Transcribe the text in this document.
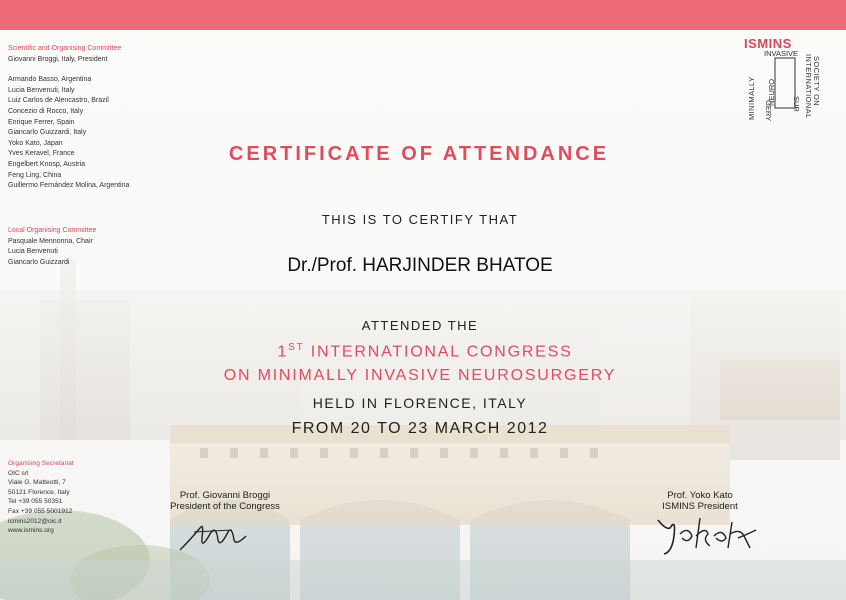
Scientific and Organising Committee
Giovanni Broggi, Italy, President
Armando Basso, Argentina
Lucia Benvenuti, Italy
Luiz Carlos de Alencastro, Brazil
Concezio di Rocco, Italy
Enrique Ferrer, Spain
Giancarlo Guizzardi, Italy
Yoko Kato, Japan
Yves Keravel, France
Engelbert Knosp, Austria
Feng Ling, China
Guillermo Fernández Molina, Argentina
Local Organising Committee
Pasquale Mennonna, Chair
Lucia Benvenuti
Giancarlo Guizzardi
Organising Secretariat
OIC srl
Viale G. Matteotti, 7
50121 Florence, Italy
Tel +39 055 50351
Fax +39 055 5001912
icmins2012@oic.it
www.ismins.org
ISMINS
INTERNATIONAL SOCIETY ON
MINIMALLY
INVASIVE
NEURO SUR
GERY
CERTIFICATE OF ATTENDANCE
THIS IS TO CERTIFY THAT
Dr./Prof. HARJINDER BHATOE
ATTENDED THE
1ST INTERNATIONAL CONGRESS
ON MINIMALLY INVASIVE NEUROSURGERY
HELD IN FLORENCE, ITALY
FROM 20 TO 23 MARCH 2012
Prof. Giovanni Broggi
President of the Congress
Prof. Yoko Kato
ISMINS President
